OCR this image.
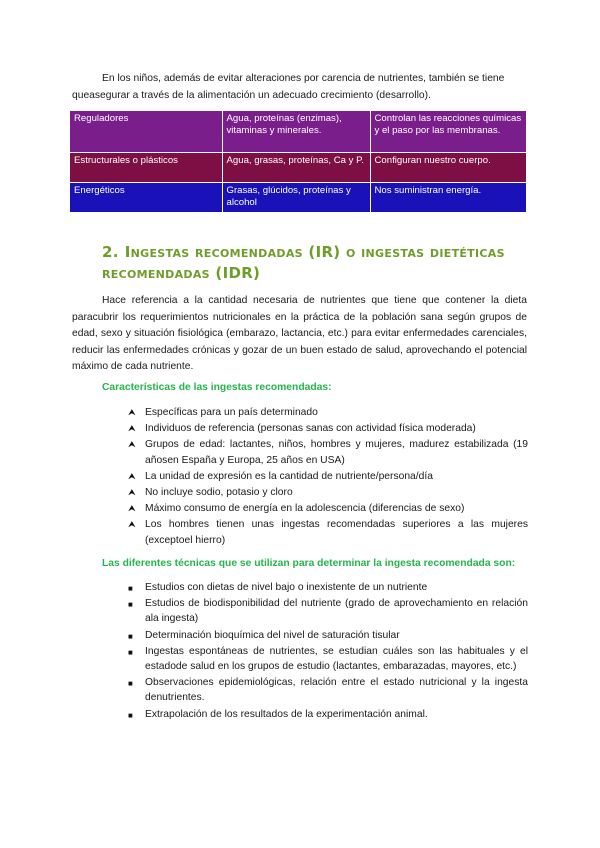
En los niños, además de evitar alteraciones por carencia de nutrientes, también se tiene

queasegurar a través de la alimentación un adecuado crecimiento (desarrollo).

Reguladores	Agua, proteínas (enzimas), vitaminas y minerales.	Controlan las reacciones químicas y el paso por las membranas.
Estructurales o plásticos	Agua, grasas, proteínas, Ca y P.	Configuran nuestro cuerpo.
Energéticos	Grasas, glúcidos, proteínas y alcohol	Nos suministran energía.
2. Ingestas recomendadas (IR) o ingestas dietéticas recomendadas (IDR)

Hace referencia a la cantidad necesaria de nutrientes que tiene que contener la dieta paracubrir los requerimientos nutricionales en la práctica de la población sana según grupos de edad, sexo y situación fisiológica (embarazo, lactancia, etc.) para evitar enfermedades carenciales, reducir las enfermedades crónicas y gozar de un buen estado de salud, aprovechando el potencial máximo de cada nutriente.

Características de las ingestas recomendadas:
⮝ Específicas para un país determinado
⮝ Individuos de referencia (personas sanas con actividad física moderada)
⮝ Grupos de edad: lactantes, niños, hombres y mujeres, madurez estabilizada (19 añosen España y Europa, 25 años en USA)
⮝ La unidad de expresión es la cantidad de nutriente/persona/día
⮝ No incluye sodio, potasio y cloro
⮝ Máximo consumo de energía en la adolescencia (diferencias de sexo)
⮝ Los hombres tienen unas ingestas recomendadas superiores a las mujeres (exceptoel hierro)
Las diferentes técnicas que se utilizan para determinar la ingesta recomendada son:
■ Estudios con dietas de nivel bajo o inexistente de un nutriente
■ Estudios de biodisponibilidad del nutriente (grado de aprovechamiento en relación ala ingesta)
■ Determinación bioquímica del nivel de saturación tisular
■ Ingestas espontáneas de nutrientes, se estudian cuáles son las habituales y el estadode salud en los grupos de estudio (lactantes, embarazadas, mayores, etc.)
■ Observaciones epidemiológicas, relación entre el estado nutricional y la ingesta denutrientes.
■ Extrapolación de los resultados de la experimentación animal.
